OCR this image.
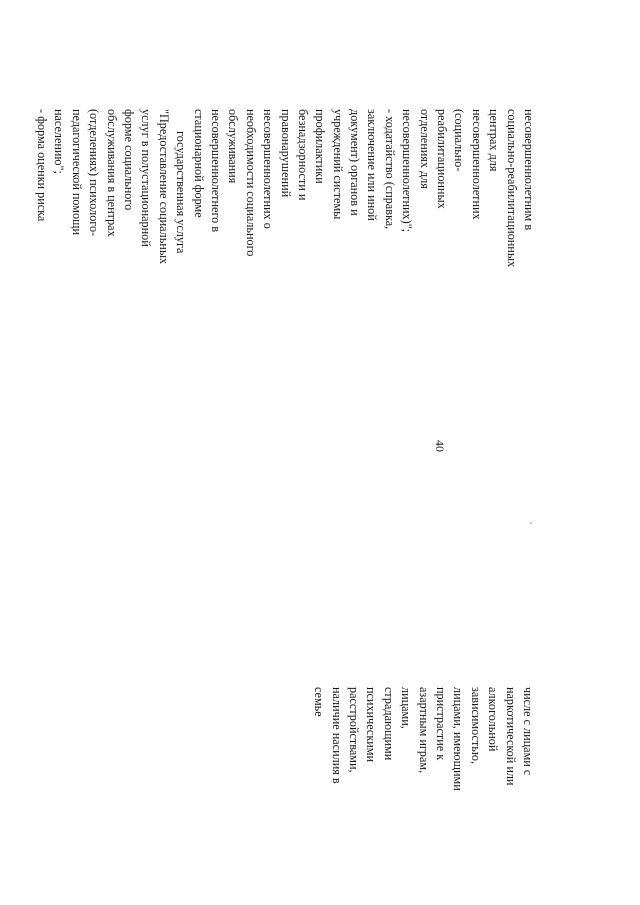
40
числе с лицами с
наркотической или
алкогольной
зависимостью,
лицами, имеющими
пристрастие к
азартным играм,
лицами,
страдающими
психическими
расстройствами,
наличие насилия в
семье
несовершеннолетним в
социально-реабилитационных
центрах для
несовершеннолетних
(социально-
реабилитационных
отделениях для
несовершеннолетних)";
- ходатайство (справка,
заключение или иной
документ) органов и
учреждений системы
профилактики
безнадзорности и
правонарушений
несовершеннолетних о
необходимости социального
обслуживания
несовершеннолетнего в
стационарной форме
государственная услуга
"Предоставление социальных
услуг в полустационарной
форме социального
обслуживания в центрах
(отделениях) психолого-
педагогической помощи
населению";
- форма оценки риска
